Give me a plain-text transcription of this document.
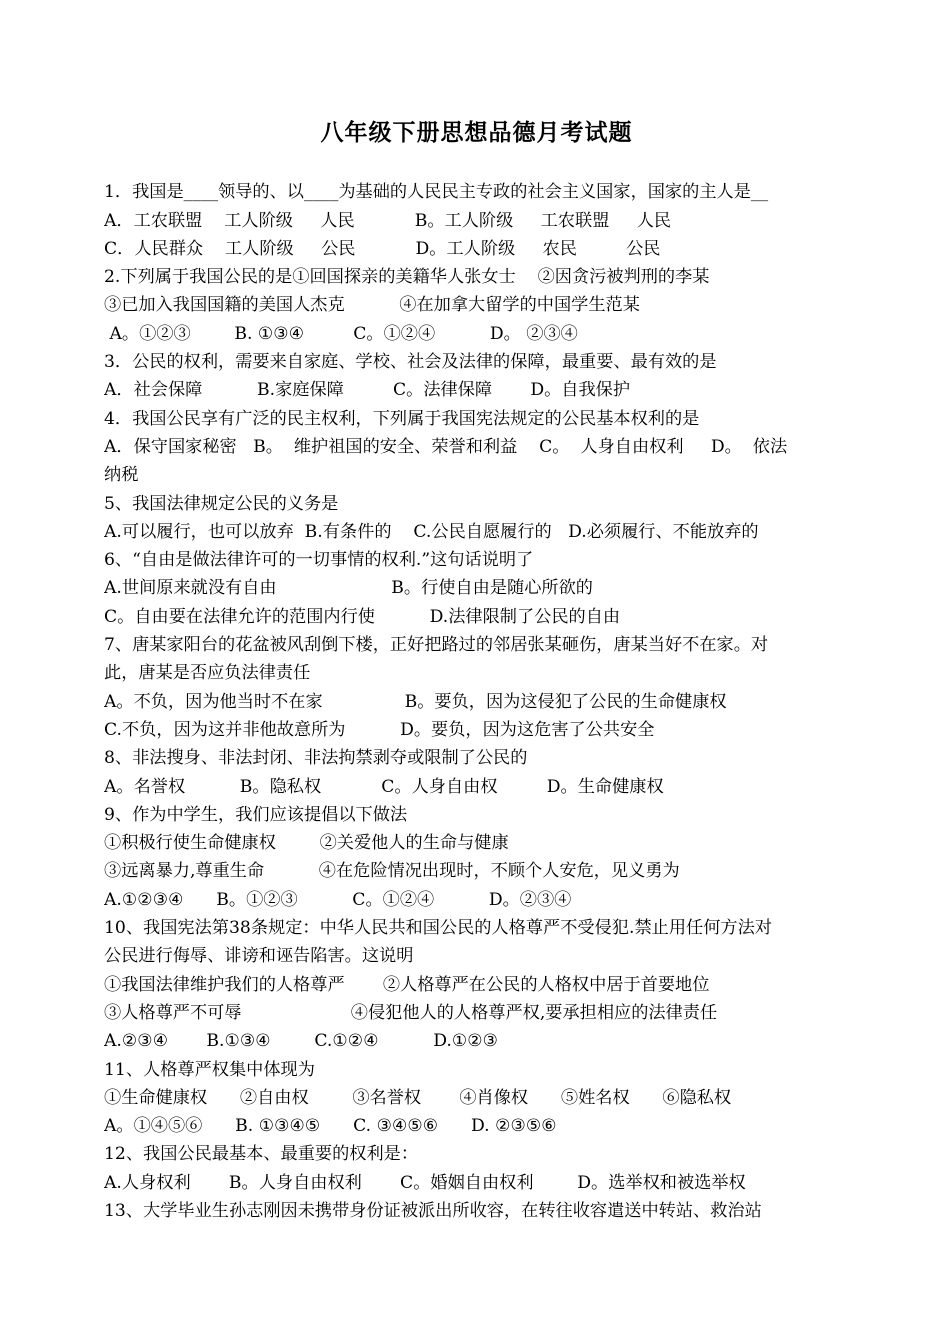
八年级下册思想品德月考试题

1．我国是____领导的、以____为基础的人民民主专政的社会主义国家，国家的主人是__
A．工农联盟    工人阶级     人民           B。工人阶级     工农联盟     人民
C．人民群众    工人阶级     公民           D。工人阶级     农民         公民
2.下列属于我国公民的是①回国探亲的美籍华人张女士    ②因贪污被判刑的李某
③已加入我国国籍的美国人杰克          ④在加拿大留学的中国学生范某
A。①②③        B. ①③④         C。①②④          D。 ②③④
3．公民的权利，需要来自家庭、学校、社会及法律的保障，最重要、最有效的是
A．社会保障          B.家庭保障         C。法律保障       D。自我保护
4．我国公民享有广泛的民主权利，下列属于我国宪法规定的公民基本权利的是
A．保守国家秘密   B。  维护祖国的安全、荣誉和利益    C。  人身自由权利     D。  依法
纳税
5、我国法律规定公民的义务是
A.可以履行，也可以放弃  B.有条件的    C.公民自愿履行的   D.必须履行、不能放弃的
6、“自由是做法律许可的一切事情的权利.”这句话说明了
A.世间原来就没有自由                     B。行使自由是随心所欲的
C。自由要在法律允许的范围内行使          D.法律限制了公民的自由
7、唐某家阳台的花盆被风刮倒下楼，正好把路过的邻居张某砸伤，唐某当好不在家。对
此，唐某是否应负法律责任
A。不负，因为他当时不在家               B。要负，因为这侵犯了公民的生命健康权
C.不负，因为这并非他故意所为          D。要负，因为这危害了公共安全
8、非法搜身、非法封闭、非法拘禁剥夺或限制了公民的
A。名誉权          B。隐私权           C。人身自由权         D。生命健康权
9、作为中学生，我们应该提倡以下做法
①积极行使生命健康权        ②关爱他人的生命与健康
③远离暴力,尊重生命          ④在危险情况出现时，不顾个人安危，见义勇为
A.①②③④      B。①②③          C。①②④          D。②③④
10、我国宪法第38条规定：中华人民共和国公民的人格尊严不受侵犯.禁止用任何方法对
公民进行侮辱、诽谤和诬告陷害。这说明
①我国法律维护我们的人格尊严       ②人格尊严在公民的人格权中居于首要地位
③人格尊严不可辱                    ④侵犯他人的人格尊严权,要承担相应的法律责任
A.②③④       B.①③④        C.①②④          D.①②③
11、人格尊严权集中体现为
①生命健康权      ②自由权        ③名誉权       ④肖像权      ⑤姓名权      ⑥隐私权
A。①④⑤⑥      B. ①③④⑤      C. ③④⑤⑥      D. ②③⑤⑥
12、我国公民最基本、最重要的权利是：
A.人身权利       B。人身自由权利       C。婚姻自由权利        D。选举权和被选举权
13、大学毕业生孙志刚因未携带身份证被派出所收容，在转往收容遣送中转站、救治站
